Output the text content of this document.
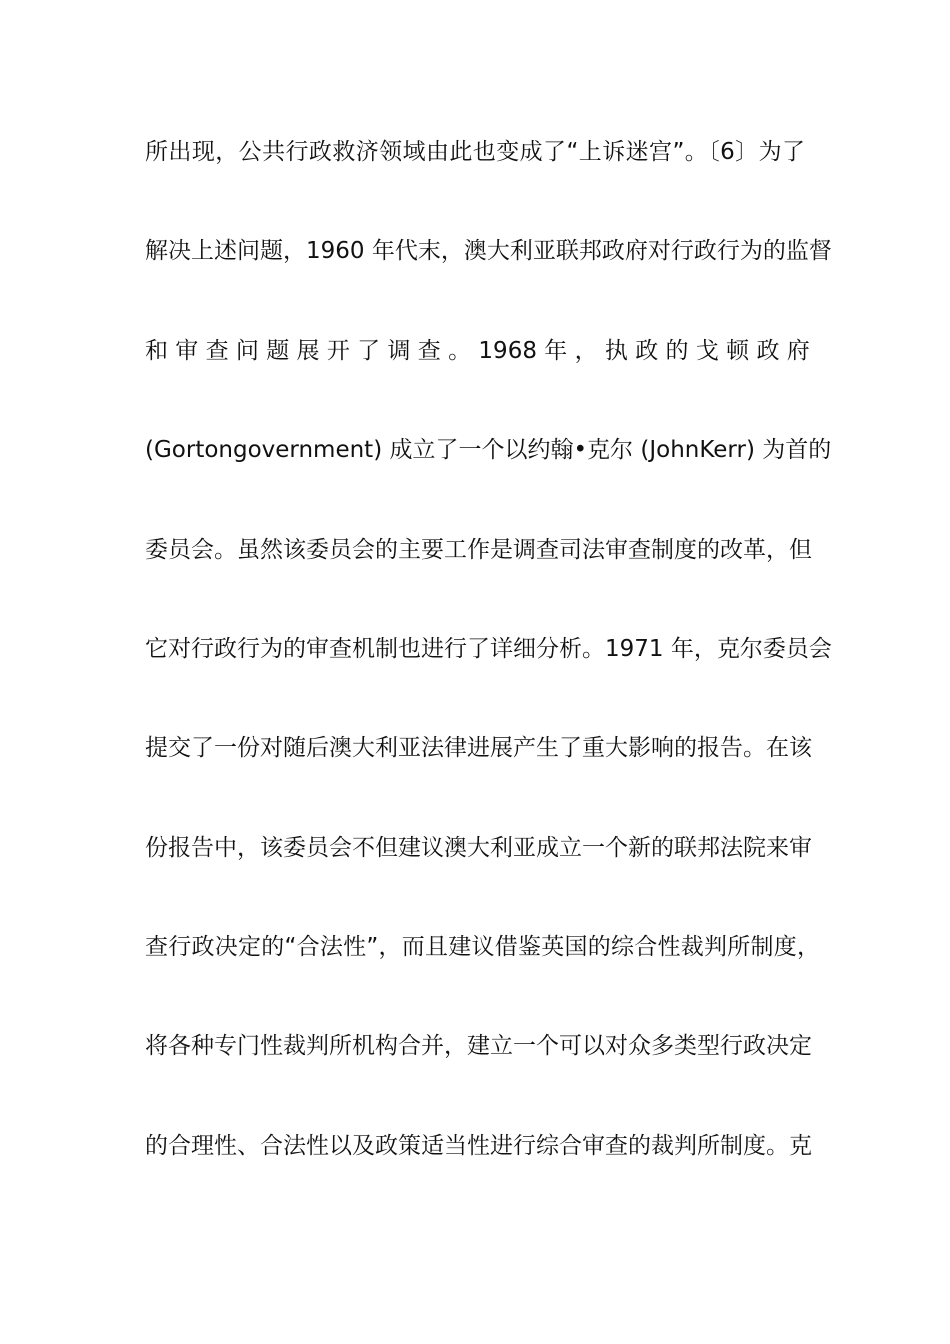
所出现，公共行政救济领域由此也变成了“上诉迷宫”。〔6〕为了
解决上述问题，1960 年代末，澳大利亚联邦政府对行政行为的监督
和 审 查 问 题 展 开 了 调 查 。 1968 年 ， 执 政 的 戈 顿 政 府
(Gortongovernment) 成立了一个以约翰•克尔 (JohnKerr) 为首的
委员会。虽然该委员会的主要工作是调查司法审查制度的改革，但
它对行政行为的审查机制也进行了详细分析。1971 年，克尔委员会
提交了一份对随后澳大利亚法律进展产生了重大影响的报告。在该
份报告中，该委员会不但建议澳大利亚成立一个新的联邦法院来审
查行政决定的“合法性”，而且建议借鉴英国的综合性裁判所制度，
将各种专门性裁判所机构合并，建立一个可以对众多类型行政决定
的合理性、合法性以及政策适当性进行综合审查的裁判所制度。克
